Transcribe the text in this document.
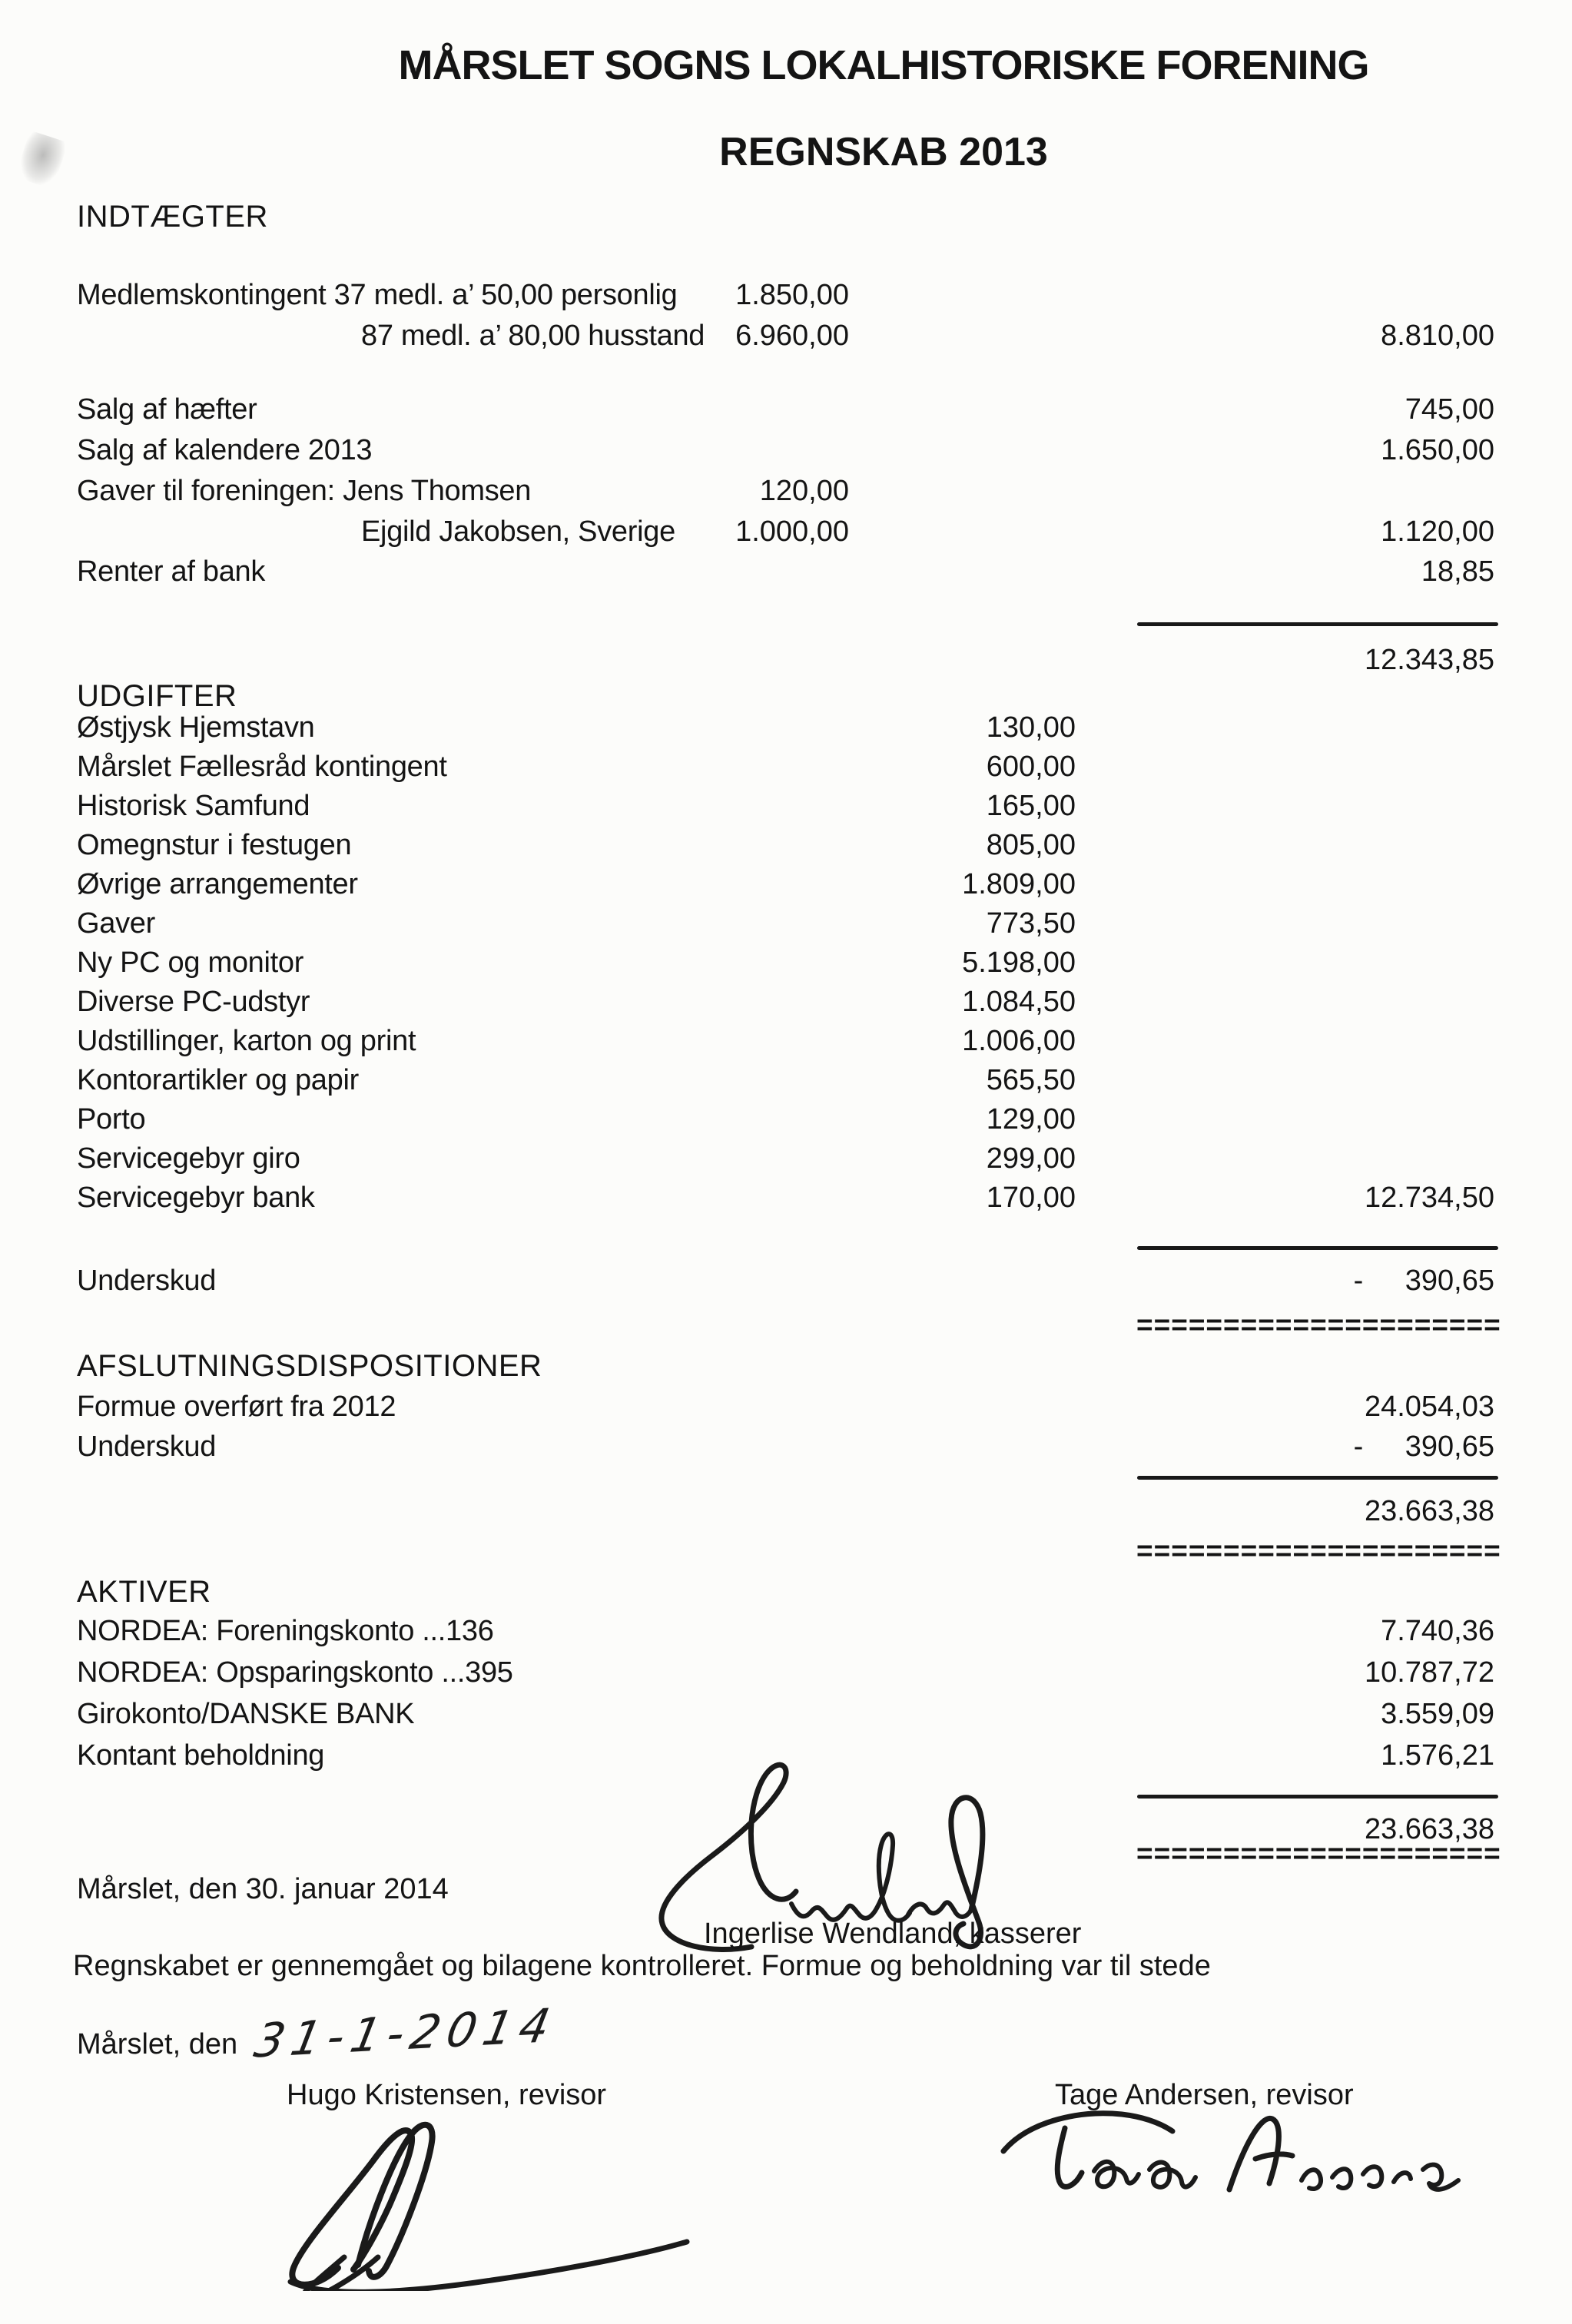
MÅRSLET SOGNS LOKALHISTORISKE FORENING
REGNSKAB 2013
INDTÆGTER
Medlemskontingent 37 medl. a’ 50,00 personlig	1.850,00
87 medl. a’ 80,00 husstand	6.960,00	8.810,00
Salg af hæfter	745,00
Salg af kalendere 2013	1.650,00
Gaver til foreningen: Jens Thomsen	120,00
Ejgild Jakobsen, Sverige	1.000,00	1.120,00
Renter af bank	18,85
12.343,85
UDGIFTER
Østjysk Hjemstavn	130,00
Mårslet Fællesråd kontingent	600,00
Historisk Samfund	165,00
Omegnstur i festugen	805,00
Øvrige arrangementer	1.809,00
Gaver	773,50
Ny PC og monitor	5.198,00
Diverse PC-udstyr	1.084,50
Udstillinger, karton og print	1.006,00
Kontorartikler og papir	565,50
Porto	129,00
Servicegebyr giro	299,00
Servicegebyr bank	170,00	12.734,50
Underskud	-	390,65
=====================
AFSLUTNINGSDISPOSITIONER
Formue overført fra 2012	24.054,03
Underskud	-	390,65
23.663,38
=====================
AKTIVER
NORDEA: Foreningskonto ...136	7.740,36
NORDEA: Opsparingskonto ...395	10.787,72
Girokonto/DANSKE BANK	3.559,09
Kontant beholdning	1.576,21
23.663,38
=====================
Mårslet, den 30. januar 2014
Ingerlise Wendland, kasserer
Regnskabet er gennemgået og bilagene kontrolleret. Formue og beholdning var til stede
Mårslet, den 31-1-2014
Hugo Kristensen, revisor	Tage Andersen, revisor
